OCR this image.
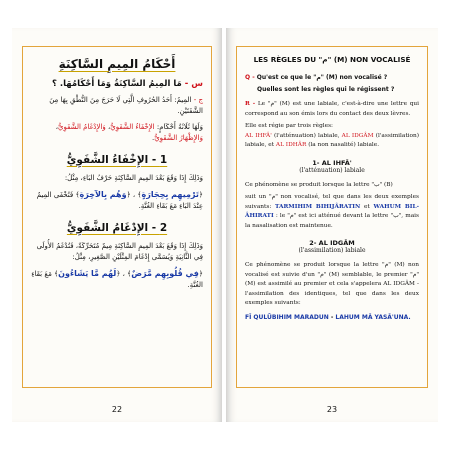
أَحْكَامُ المِيمِ السَّاكِنَةِ

س - مَا المِيمُ السَّاكِنَةُ وَمَا أَحْكَامُهَا. ؟

ج - المِيمُ: أَحَدُ الحُرُوفِ الَّتِي لَا حَرَجَ مِنَ النُّطْقِ بِهَا مِنَ الشَّفَتَيْنِ.

وَلَهَا ثَلَاثَةُ أَحْكَامٍ: الإِخْفَاءُ الشَّفَوِيُّ، وَالإِدْغَامُ الشَّفَوِيُّ، وَالإِظْهَارُ الشَّفَوِيُّ.

1 - الإِخْفَاءُ الشَّفَوِيُّ

وَذَلِكَ إِذَا وَقَعَ بَعْدَ المِيمِ السَّاكِنَةِ حَرْفُ البَاءِ، مِثْلُ:

﴿تَرْمِيهِم بِحِجَارَةٍ﴾ ، ﴿وَهُم بِالآخِرَةِ﴾ فَتُخْفَى المِيمُ عِنْدَ البَاءِ مَعَ بَقَاءِ الغُنَّةِ.

2 - الإِدْغَامُ الشَّفَوِيُّ

وَذَلِكَ إِذَا وَقَعَ بَعْدَ المِيمِ السَّاكِنَةِ مِيمٌ مُتَحَرِّكَةٌ، فَتُدْغَمُ الأُولَى فِي الثَّانِيَةِ وَيُسَمَّى إِدْغَامَ المِثْلَيْنِ الصَّغِيرِ، مِثْلُ:

﴿فِي قُلُوبِهِم مَّرَضٌ﴾ ، ﴿لَهُم مَّا يَشَاءُونَ﴾ مَعَ بَقَاءِ الغُنَّةِ.

22
LES RÈGLES DU "م" (M) NON VOCALISÉ

Q - Qu'est ce que le "م" (M) non vocalisé ?

Quelles sont les règles qui le régissent ?

R - Le "م" (M) est une labiale, c'est-à-dire une lettre qui correspond au son émis lors du contact des deux lèvres.

Elle est régie par trois règles:
AL IHFÂ' (l'atténuation) labiale, AL IDGÂM (l'assimilation) labiale, et AL IDHÂR (la non nasalité) labiale.

1- AL IHFÂ'
(l'atténuation) labiale

Ce phénomène se produit lorsque la lettre "ب" (B)

suit un "م" non vocalisé, tel que dans les deux exemples suivants: TARMIHIM BIHIJÂRATIN et WAHUM BIL-ÂHIRATI : le "م" est ici atténué devant la lettre "ب", mais la nasalisation est maintenue.

2- AL IDGÂM
(l'assimilation) labiale

Ce phénomène se produit lorsque la lettre "م" (M) non vocalisé est suivie d'un "م" (M) semblable, le premier "م" (M) est assimilé au premier et cela s'appelera AL IDGÂM - l'assimilation des identiques, tel que dans les deux exemples suivants:

FÎ QULÛBIHIM MARADUN - LAHUM MÂ YASÂ'UNA.

23
